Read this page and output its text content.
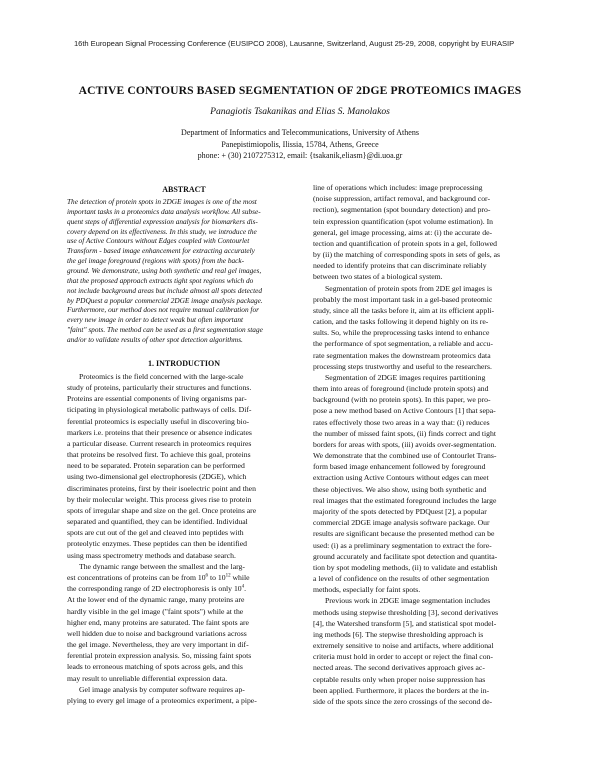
16th European Signal Processing Conference (EUSIPCO 2008), Lausanne, Switzerland, August 25-29, 2008, copyright by EURASIP
ACTIVE CONTOURS BASED SEGMENTATION OF 2DGE PROTEOMICS IMAGES
Panagiotis Tsakanikas and Elias S. Manolakos
Department of Informatics and Telecommunications, University of Athens
Panepistimiopolis, Ilissia, 15784, Athens, Greece
phone: + (30) 2107275312, email: {tsakanik,eliasm}@di.uoa.gr
ABSTRACT
The detection of protein spots in 2DGE images is one of the most
important tasks in a proteomics data analysis workflow. All subse-
quent steps of differential expression analysis for biomarkers dis-
covery depend on its effectiveness. In this study, we introduce the
use of Active Contours without Edges coupled with Contourlet
Transform - based image enhancement for extracting accurately
the gel image foreground (regions with spots) from the back-
ground. We demonstrate, using both synthetic and real gel images,
that the proposed approach extracts tight spot regions which do
not include background areas but include almost all spots detected
by PDQuest a popular commercial 2DGE image analysis package.
Furthermore, our method does not require manual calibration for
every new image in order to detect weak but often important
"faint" spots. The method can be used as a first segmentation stage
and/or to validate results of other spot detection algorithms.
1. INTRODUCTION
Proteomics is the field concerned with the large-scale
study of proteins, particularly their structures and functions.
Proteins are essential components of living organisms par-
ticipating in physiological metabolic pathways of cells. Dif-
ferential proteomics is especially useful in discovering bio-
markers i.e. proteins that their presence or absence indicates
a particular disease. Current research in proteomics requires
that proteins be resolved first. To achieve this goal, proteins
need to be separated. Protein separation can be performed
using two-dimensional gel electrophoresis (2DGE), which
discriminates proteins, first by their isoelectric point and then
by their molecular weight. This process gives rise to protein
spots of irregular shape and size on the gel. Once proteins are
separated and quantified, they can be identified. Individual
spots are cut out of the gel and cleaved into peptides with
proteolytic enzymes. These peptides can then be identified
using mass spectrometry methods and database search.
The dynamic range between the smallest and the larg-
est concentrations of proteins can be from $10^6$ to $10^{12}$ while
the corresponding range of 2D electrophoresis is only $10^4$.
At the lower end of the dynamic range, many proteins are
hardly visible in the gel image ("faint spots") while at the
higher end, many proteins are saturated. The faint spots are
well hidden due to noise and background variations across
the gel image. Nevertheless, they are very important in dif-
ferential protein expression analysis. So, missing faint spots
leads to erroneous matching of spots across gels, and this
may result to unreliable differential expression data.
Gel image analysis by computer software requires ap-
plying to every gel image of a proteomics experiment, a pipe-
line of operations which includes: image preprocessing
(noise suppression, artifact removal, and background cor-
rection), segmentation (spot boundary detection) and pro-
tein expression quantification (spot volume estimation). In
general, gel image processing, aims at: (i) the accurate de-
tection and quantification of protein spots in a gel, followed
by (ii) the matching of corresponding spots in sets of gels, as
needed to identify proteins that can discriminate reliably
between two states of a biological system.
Segmentation of protein spots from 2DE gel images is
probably the most important task in a gel-based proteomic
study, since all the tasks before it, aim at its efficient appli-
cation, and the tasks following it depend highly on its re-
sults. So, while the preprocessing tasks intend to enhance
the performance of spot segmentation, a reliable and accu-
rate segmentation makes the downstream proteomics data
processing steps trustworthy and useful to the researchers.
Segmentation of 2DGE images requires partitioning
them into areas of foreground (include protein spots) and
background (with no protein spots). In this paper, we pro-
pose a new method based on Active Contours [1] that sepa-
rates effectively those two areas in a way that: (i) reduces
the number of missed faint spots, (ii) finds correct and tight
borders for areas with spots, (iii) avoids over-segmentation.
We demonstrate that the combined use of Contourlet Trans-
form based image enhancement followed by foreground
extraction using Active Contours without edges can meet
these objectives. We also show, using both synthetic and
real images that the estimated foreground includes the large
majority of the spots detected by PDQuest [2], a popular
commercial 2DGE image analysis software package. Our
results are significant because the presented method can be
used: (i) as a preliminary segmentation to extract the fore-
ground accurately and facilitate spot detection and quantita-
tion by spot modeling methods, (ii) to validate and establish
a level of confidence on the results of other segmentation
methods, especially for faint spots.
Previous work in 2DGE image segmentation includes
methods using stepwise thresholding [3], second derivatives
[4], the Watershed transform [5], and statistical spot model-
ing methods [6]. The stepwise thresholding approach is
extremely sensitive to noise and artifacts, where additional
criteria must hold in order to accept or reject the final con-
nected areas. The second derivatives approach gives ac-
ceptable results only when proper noise suppression has
been applied. Furthermore, it places the borders at the in-
side of the spots since the zero crossings of the second de-
